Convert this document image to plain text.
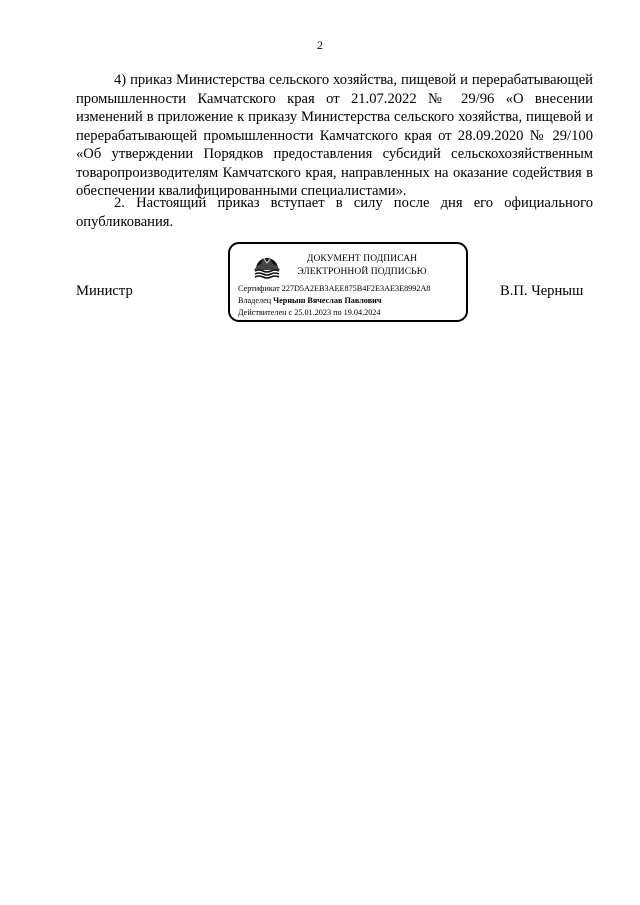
2

4) приказ Министерства сельского хозяйства, пищевой и перерабатывающей промышленности Камчатского края от 21.07.2022 № 29/96 «О внесении изменений в приложение к приказу Министерства сельского хозяйства, пищевой и перерабатывающей промышленности Камчатского края от 28.09.2020 № 29/100 «Об утверждении Порядков предоставления субсидий сельскохозяйственным товаропроизводителям Камчатского края, направленных на оказание содействия в обеспечении квалифицированными специалистами».

2. Настоящий приказ вступает в силу после дня его официального опубликования.

Министр
ДОКУМЕНТ ПОДПИСАН
ЭЛЕКТРОННОЙ ПОДПИСЬЮ
Сертификат 227D5A2EB3AEE875B4F2E3AE3E8992A8
Владелец Черныш Вячеслав Павлович
Действителен с 25.01.2023 по 19.04.2024
В.П. Черныш
